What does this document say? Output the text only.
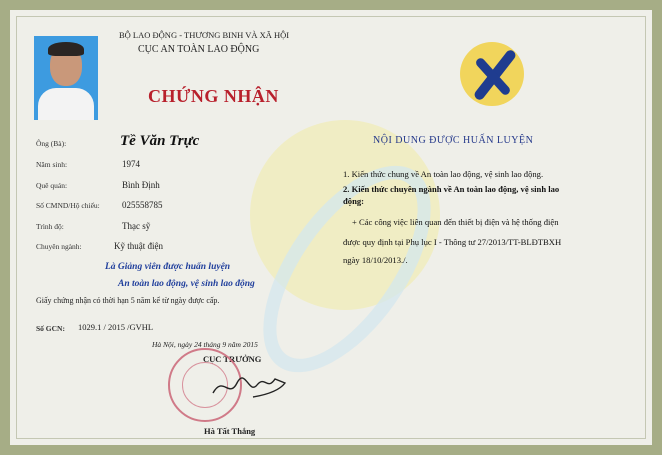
BỘ LAO ĐỘNG - THƯƠNG BINH VÀ XÃ HỘI
CỤC AN TOÀN LAO ĐỘNG
CHỨNG NHẬN
Ông (Bà):	Tề Văn Trực
Năm sinh:	1974
Quê quán:	Bình Định
Số CMND/Hộ chiếu: 025558785
Trình độ:	Thạc sỹ
Chuyên ngành:	Kỹ thuật điện
Là Giảng viên được huấn luyện
An toàn lao động, vệ sinh lao động
Giấy chứng nhận có thời hạn 5 năm kể từ ngày được cấp.
Số GCN: 1029.1 / 2015 /GVHL
Hà Nội, ngày 24 tháng 9 năm 2015
CỤC TRƯỞNG
Hà Tất Thắng
NỘI DUNG ĐƯỢC HUẤN LUYỆN
1. Kiến thức chung về An toàn lao động, vệ sinh lao động.
2. Kiến thức chuyên ngành về An toàn lao động, vệ sinh lao
động:
+ Các công việc liên quan đến thiết bị điện và hệ thống điện
được quy định tại Phụ lục I - Thông tư 27/2013/TT-BLĐTBXH
ngày 18/10/2013./.
